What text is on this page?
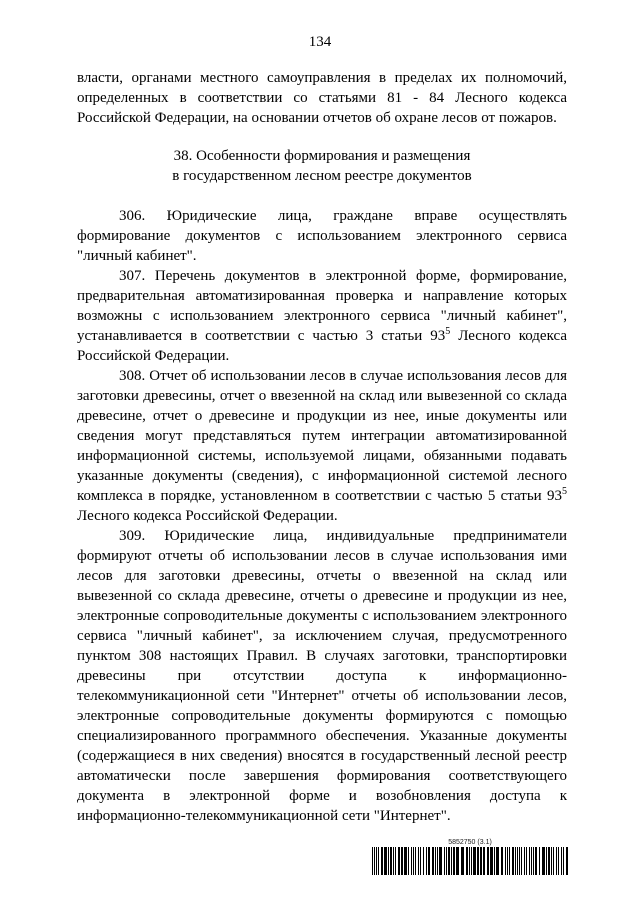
134

власти, органами местного самоуправления в пределах их полномочий, определенных в соответствии со статьями 81 - 84 Лесного кодекса Российской Федерации, на основании отчетов об охране лесов от пожаров.

38. Особенности формирования и размещения
в государственном лесном реестре документов

306. Юридические лица, граждане вправе осуществлять формирование документов с использованием электронного сервиса "личный кабинет".

307. Перечень документов в электронной форме, формирование, предварительная автоматизированная проверка и направление которых возможны с использованием электронного сервиса "личный кабинет", устанавливается в соответствии с частью 3 статьи $93^5$ Лесного кодекса Российской Федерации.

308. Отчет об использовании лесов в случае использования лесов для заготовки древесины, отчет о ввезенной на склад или вывезенной со склада древесине, отчет о древесине и продукции из нее, иные документы или сведения могут представляться путем интеграции автоматизированной информационной системы, используемой лицами, обязанными подавать указанные документы (сведения), с информационной системой лесного комплекса в порядке, установленном в соответствии с частью 5 статьи $93^5$ Лесного кодекса Российской Федерации.

309. Юридические лица, индивидуальные предприниматели формируют отчеты об использовании лесов в случае использования ими лесов для заготовки древесины, отчеты о ввезенной на склад или вывезенной со склада древесине, отчеты о древесине и продукции из нее, электронные сопроводительные документы с использованием электронного сервиса "личный кабинет", за исключением случая, предусмотренного пунктом 308 настоящих Правил. В случаях заготовки, транспортировки древесины при отсутствии доступа к информационно-телекоммуникационной сети "Интернет" отчеты об использовании лесов, электронные сопроводительные документы формируются с помощью специализированного программного обеспечения. Указанные документы (содержащиеся в них сведения) вносятся в государственный лесной реестр автоматически после завершения формирования соответствующего документа в электронной форме и возобновления доступа к информационно-телекоммуникационной сети "Интернет".

5852750 (3.1)
